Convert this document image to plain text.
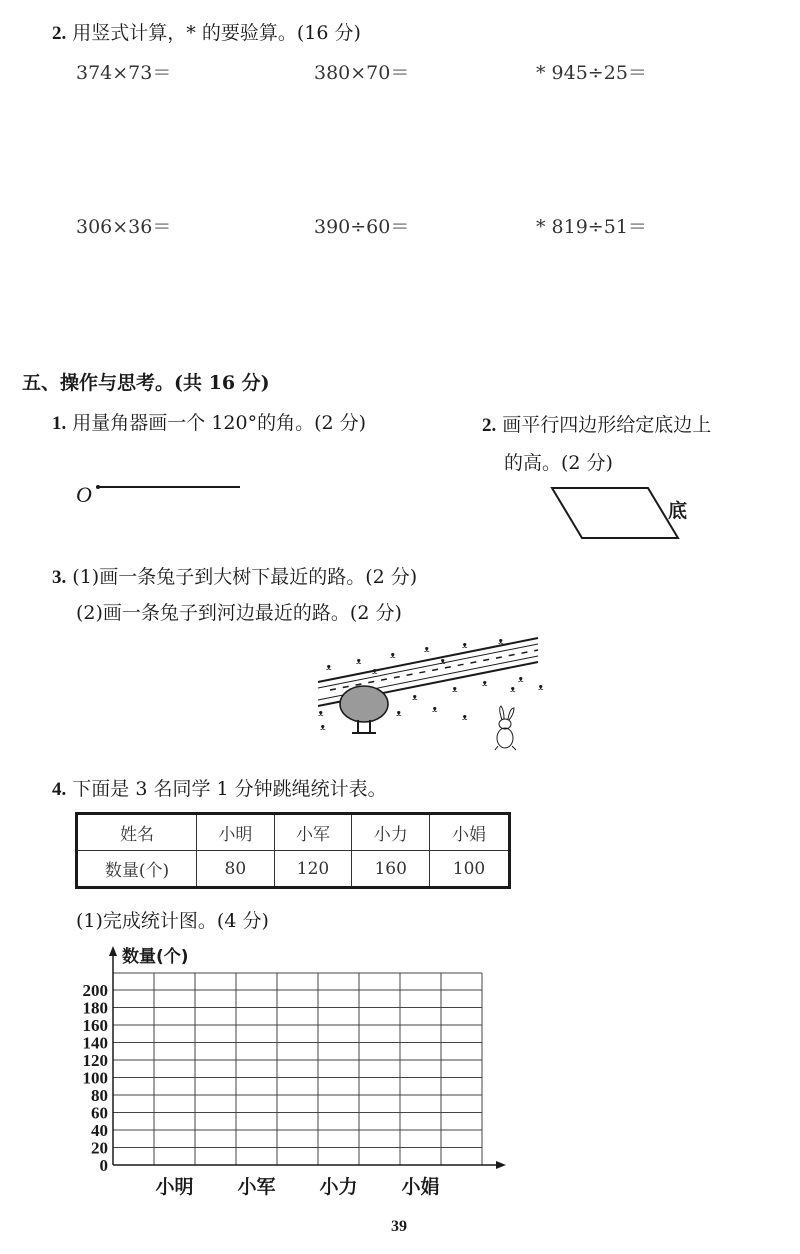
2. 用竖式计算，* 的要验算。(16 分)
374×73＝	380×70＝	* 945÷25＝
306×36＝	390÷60＝	* 819÷51＝
五、操作与思考。(共 16 分)
1. 用量角器画一个 120°的角。(2 分)
O
2. 画平行四边形给定底边上
的高。(2 分)
底
3. (1)画一条兔子到大树下最近的路。(2 分)
(2)画一条兔子到河边最近的路。(2 分)
ᴥ
ᴥ
ᴥ
ᴥ	ᴥ	ᴥ
ᴥ
ᴥ
ᴥ
ᴥ
ᴥ	ᴥ
ᴥ	ᴥ
ᴥ
ᴥ
ᴥ
ᴥ
ᴥ
4. 下面是 3 名同学 1 分钟跳绳统计表。
姓名	小明	小军	小力	小娟
数量(个)	80	120	160	100
(1)完成统计图。(4 分)
0
20
40
60
80
100
120
140
160
180
200
小明 小军 小力 小娟
数量(个)
39
